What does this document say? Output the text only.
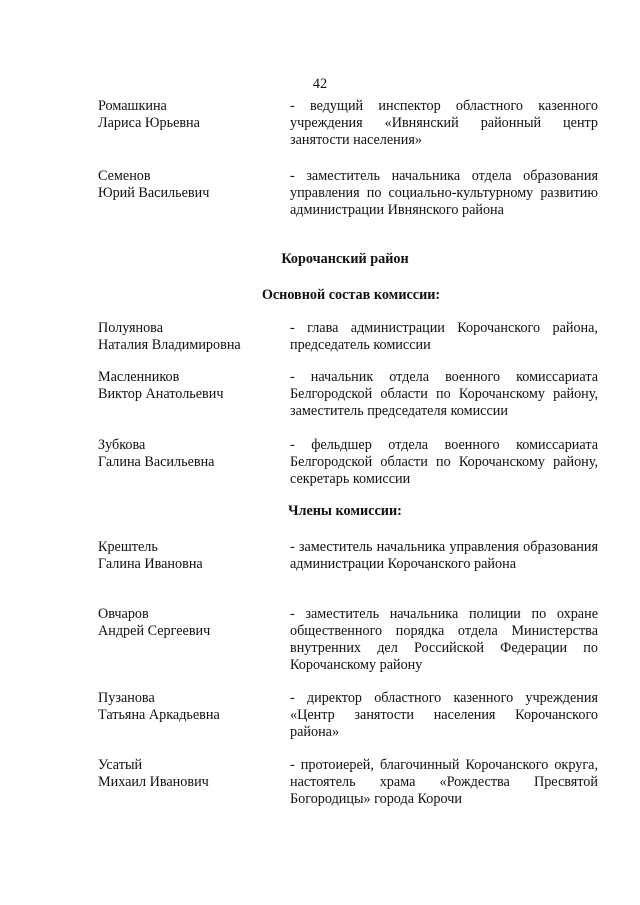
42
Ромашкина
Лариса Юрьевна
- ведущий инспектор областного казенного учреждения «Ивнянский районный центр занятости населения»
Семенов
Юрий Васильевич
- заместитель начальника отдела образования управления по социально-культурному развитию администрации Ивнянского района
Корочанский район
Основной состав комиссии:
Полуянова
Наталия Владимировна
- глава администрации Корочанского района, председатель комиссии
Масленников
Виктор Анатольевич
- начальник отдела военного комиссариата Белгородской области по Корочанскому району, заместитель председателя комиссии
Зубкова
Галина Васильевна
- фельдшер отдела военного комиссариата Белгородской области по Корочанскому району, секретарь комиссии
Члены комиссии:
Крештель
Галина Ивановна
- заместитель начальника управления образования администрации Корочанского района
Овчаров
Андрей Сергеевич
- заместитель начальника полиции по охране общественного порядка отдела Министерства внутренних дел Российской Федерации по Корочанскому району
Пузанова
Татьяна Аркадьевна
- директор областного казенного учреждения «Центр занятости населения Корочанского района»
Усатый
Михаил Иванович
- протоиерей, благочинный Корочанского округа, настоятель храма «Рождества Пресвятой Богородицы» города Корочи
